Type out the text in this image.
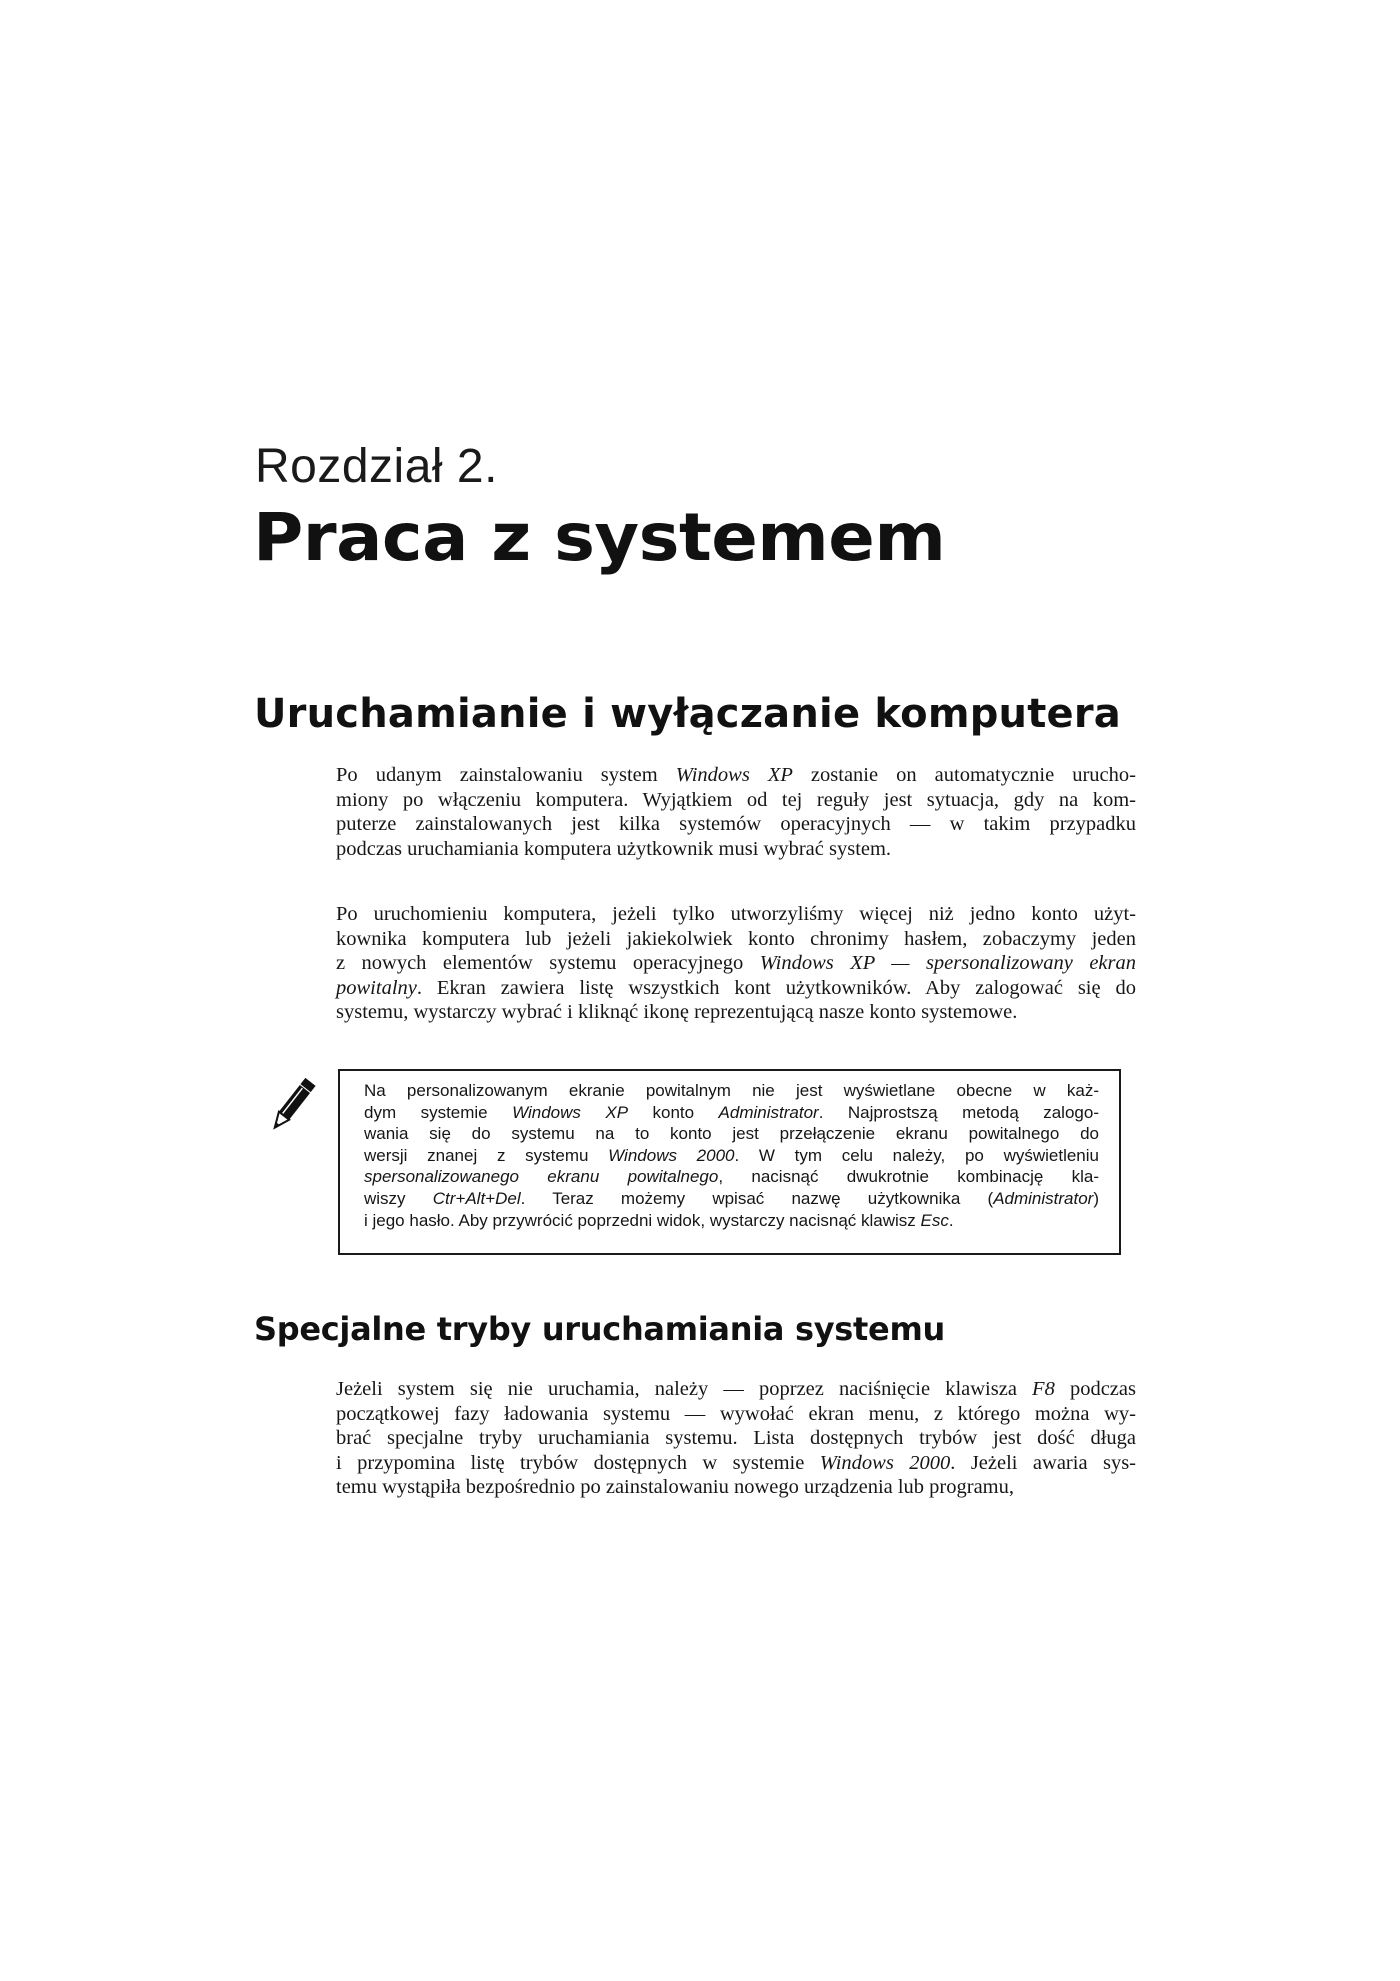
Rozdział 2.
Praca z systemem
Uruchamianie i wyłączanie komputera
Po udanym zainstalowaniu system Windows XP zostanie on automatycznie urucho-
miony po włączeniu komputera. Wyjątkiem od tej reguły jest sytuacja, gdy na kom-
puterze zainstalowanych jest kilka systemów operacyjnych — w takim przypadku
podczas uruchamiania komputera użytkownik musi wybrać system.
Po uruchomieniu komputera, jeżeli tylko utworzyliśmy więcej niż jedno konto użyt-
kownika komputera lub jeżeli jakiekolwiek konto chronimy hasłem, zobaczymy jeden
z nowych elementów systemu operacyjnego Windows XP — spersonalizowany ekran
powitalny. Ekran zawiera listę wszystkich kont użytkowników. Aby zalogować się do
systemu, wystarczy wybrać i kliknąć ikonę reprezentującą nasze konto systemowe.
Na personalizowanym ekranie powitalnym nie jest wyświetlane obecne w każ-
dym systemie Windows XP konto Administrator. Najprostszą metodą zalogo-
wania się do systemu na to konto jest przełączenie ekranu powitalnego do
wersji znanej z systemu Windows 2000. W tym celu należy, po wyświetleniu
spersonalizowanego ekranu powitalnego, nacisnąć dwukrotnie kombinację kla-
wiszy Ctr+Alt+Del. Teraz możemy wpisać nazwę użytkownika (Administrator)
i jego hasło. Aby przywrócić poprzedni widok, wystarczy nacisnąć klawisz Esc.
Specjalne tryby uruchamiania systemu
Jeżeli system się nie uruchamia, należy — poprzez naciśnięcie klawisza F8 podczas
początkowej fazy ładowania systemu — wywołać ekran menu, z którego można wy-
brać specjalne tryby uruchamiania systemu. Lista dostępnych trybów jest dość długa
i przypomina listę trybów dostępnych w systemie Windows 2000. Jeżeli awaria sys-
temu wystąpiła bezpośrednio po zainstalowaniu nowego urządzenia lub programu,
